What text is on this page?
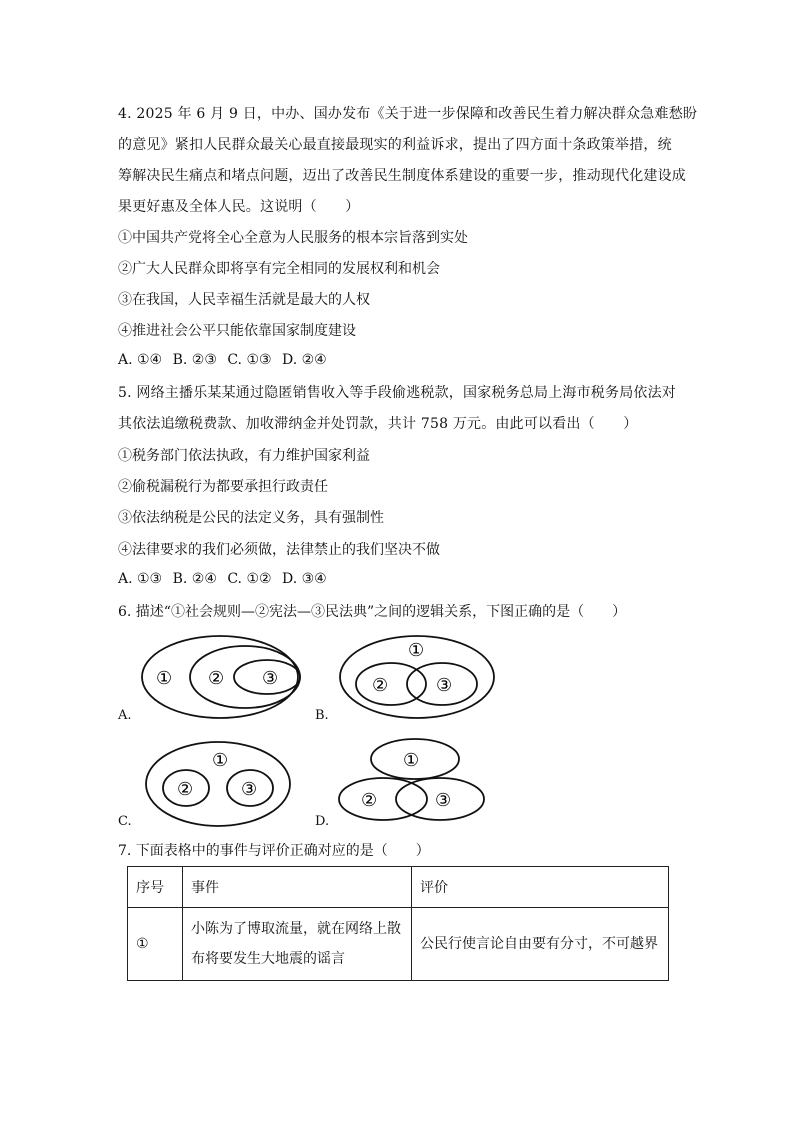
4. 2025 年 6 月 9 日，中办、国办发布《关于进一步保障和改善民生着力解决群众急难愁盼
的意见》紧扣人民群众最关心最直接最现实的利益诉求，提出了四方面十条政策举措，统
筹解决民生痛点和堵点问题，迈出了改善民生制度体系建设的重要一步，推动现代化建设成
果更好惠及全体人民。这说明（　　）
①中国共产党将全心全意为人民服务的根本宗旨落到实处
②广大人民群众即将享有完全相同的发展权利和机会
③在我国，人民幸福生活就是最大的人权
④推进社会公平只能依靠国家制度建设
A. ①④ B. ②③ C. ①③ D. ②④
5. 网络主播乐某某通过隐匿销售收入等手段偷逃税款，国家税务总局上海市税务局依法对
其依法追缴税费款、加收滞纳金并处罚款，共计 758 万元。由此可以看出（　　）
①税务部门依法执政，有力维护国家利益
②偷税漏税行为都要承担行政责任
③依法纳税是公民的法定义务，具有强制性
④法律要求的我们必须做，法律禁止的我们坚决不做
A. ①③ B. ②④ C. ①② D. ③④
6. 描述“①社会规则—②宪法—③民法典”之间的逻辑关系，下图正确的是（　　）
① ② ③
A.
①
②	③
B.
①
②	③
C.
①
②	③
D.
7. 下面表格中的事件与评价正确对应的是（　　）
序号	事件	评价
①	小陈为了博取流量，就在网络上散
布将要发生大地震的谣言	公民行使言论自由要有分寸，不可越界
